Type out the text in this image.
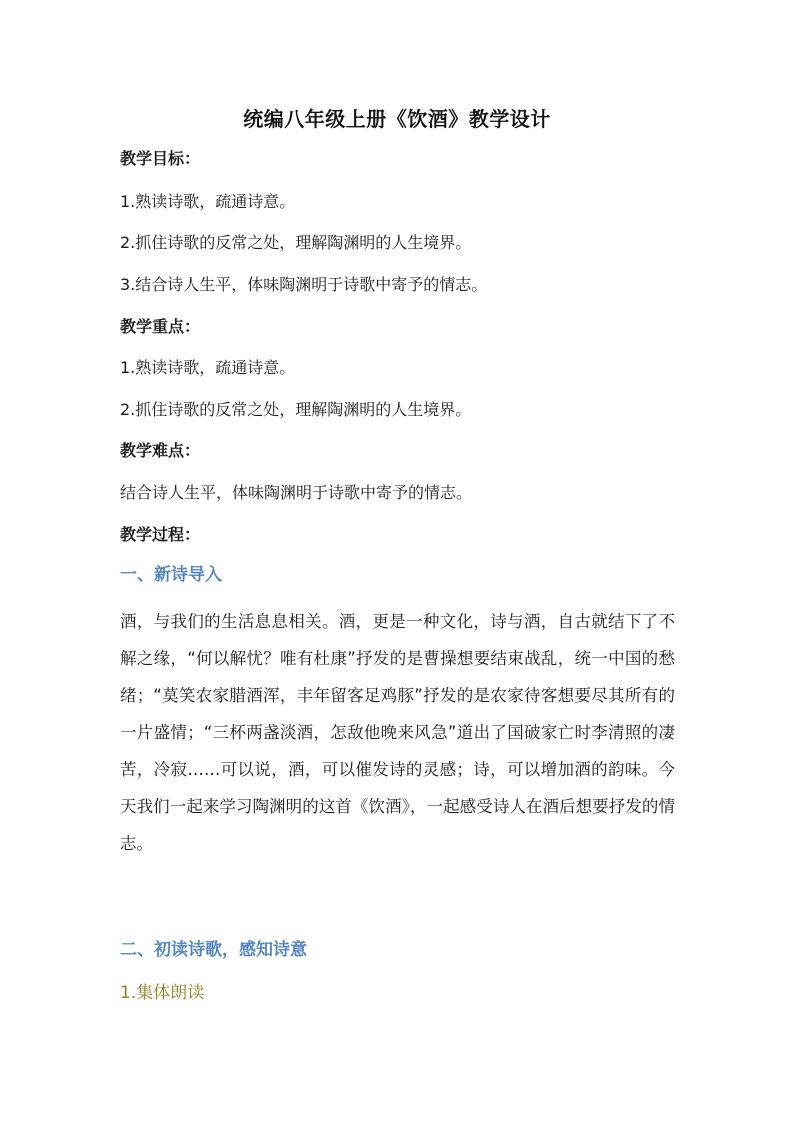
统编八年级上册《饮酒》教学设计
教学目标：
1.熟读诗歌，疏通诗意。
2.抓住诗歌的反常之处，理解陶渊明的人生境界。
3.结合诗人生平，体味陶渊明于诗歌中寄予的情志。
教学重点：
1.熟读诗歌，疏通诗意。
2.抓住诗歌的反常之处，理解陶渊明的人生境界。
教学难点：
结合诗人生平，体味陶渊明于诗歌中寄予的情志。
教学过程：
一、新诗导入
酒，与我们的生活息息相关。酒，更是一种文化，诗与酒，自古就结下了不解之缘，“何以解忧？唯有杜康”抒发的是曹操想要结束战乱，统一中国的愁绪；“莫笑农家腊酒浑，丰年留客足鸡豚”抒发的是农家待客想要尽其所有的一片盛情；“三杯两盏淡酒，怎敌他晚来风急”道出了国破家亡时李清照的凄苦，冷寂……可以说，酒，可以催发诗的灵感；诗，可以增加酒的韵味。今天我们一起来学习陶渊明的这首《饮酒》，一起感受诗人在酒后想要抒发的情志。
二、初读诗歌，感知诗意
1.集体朗读
